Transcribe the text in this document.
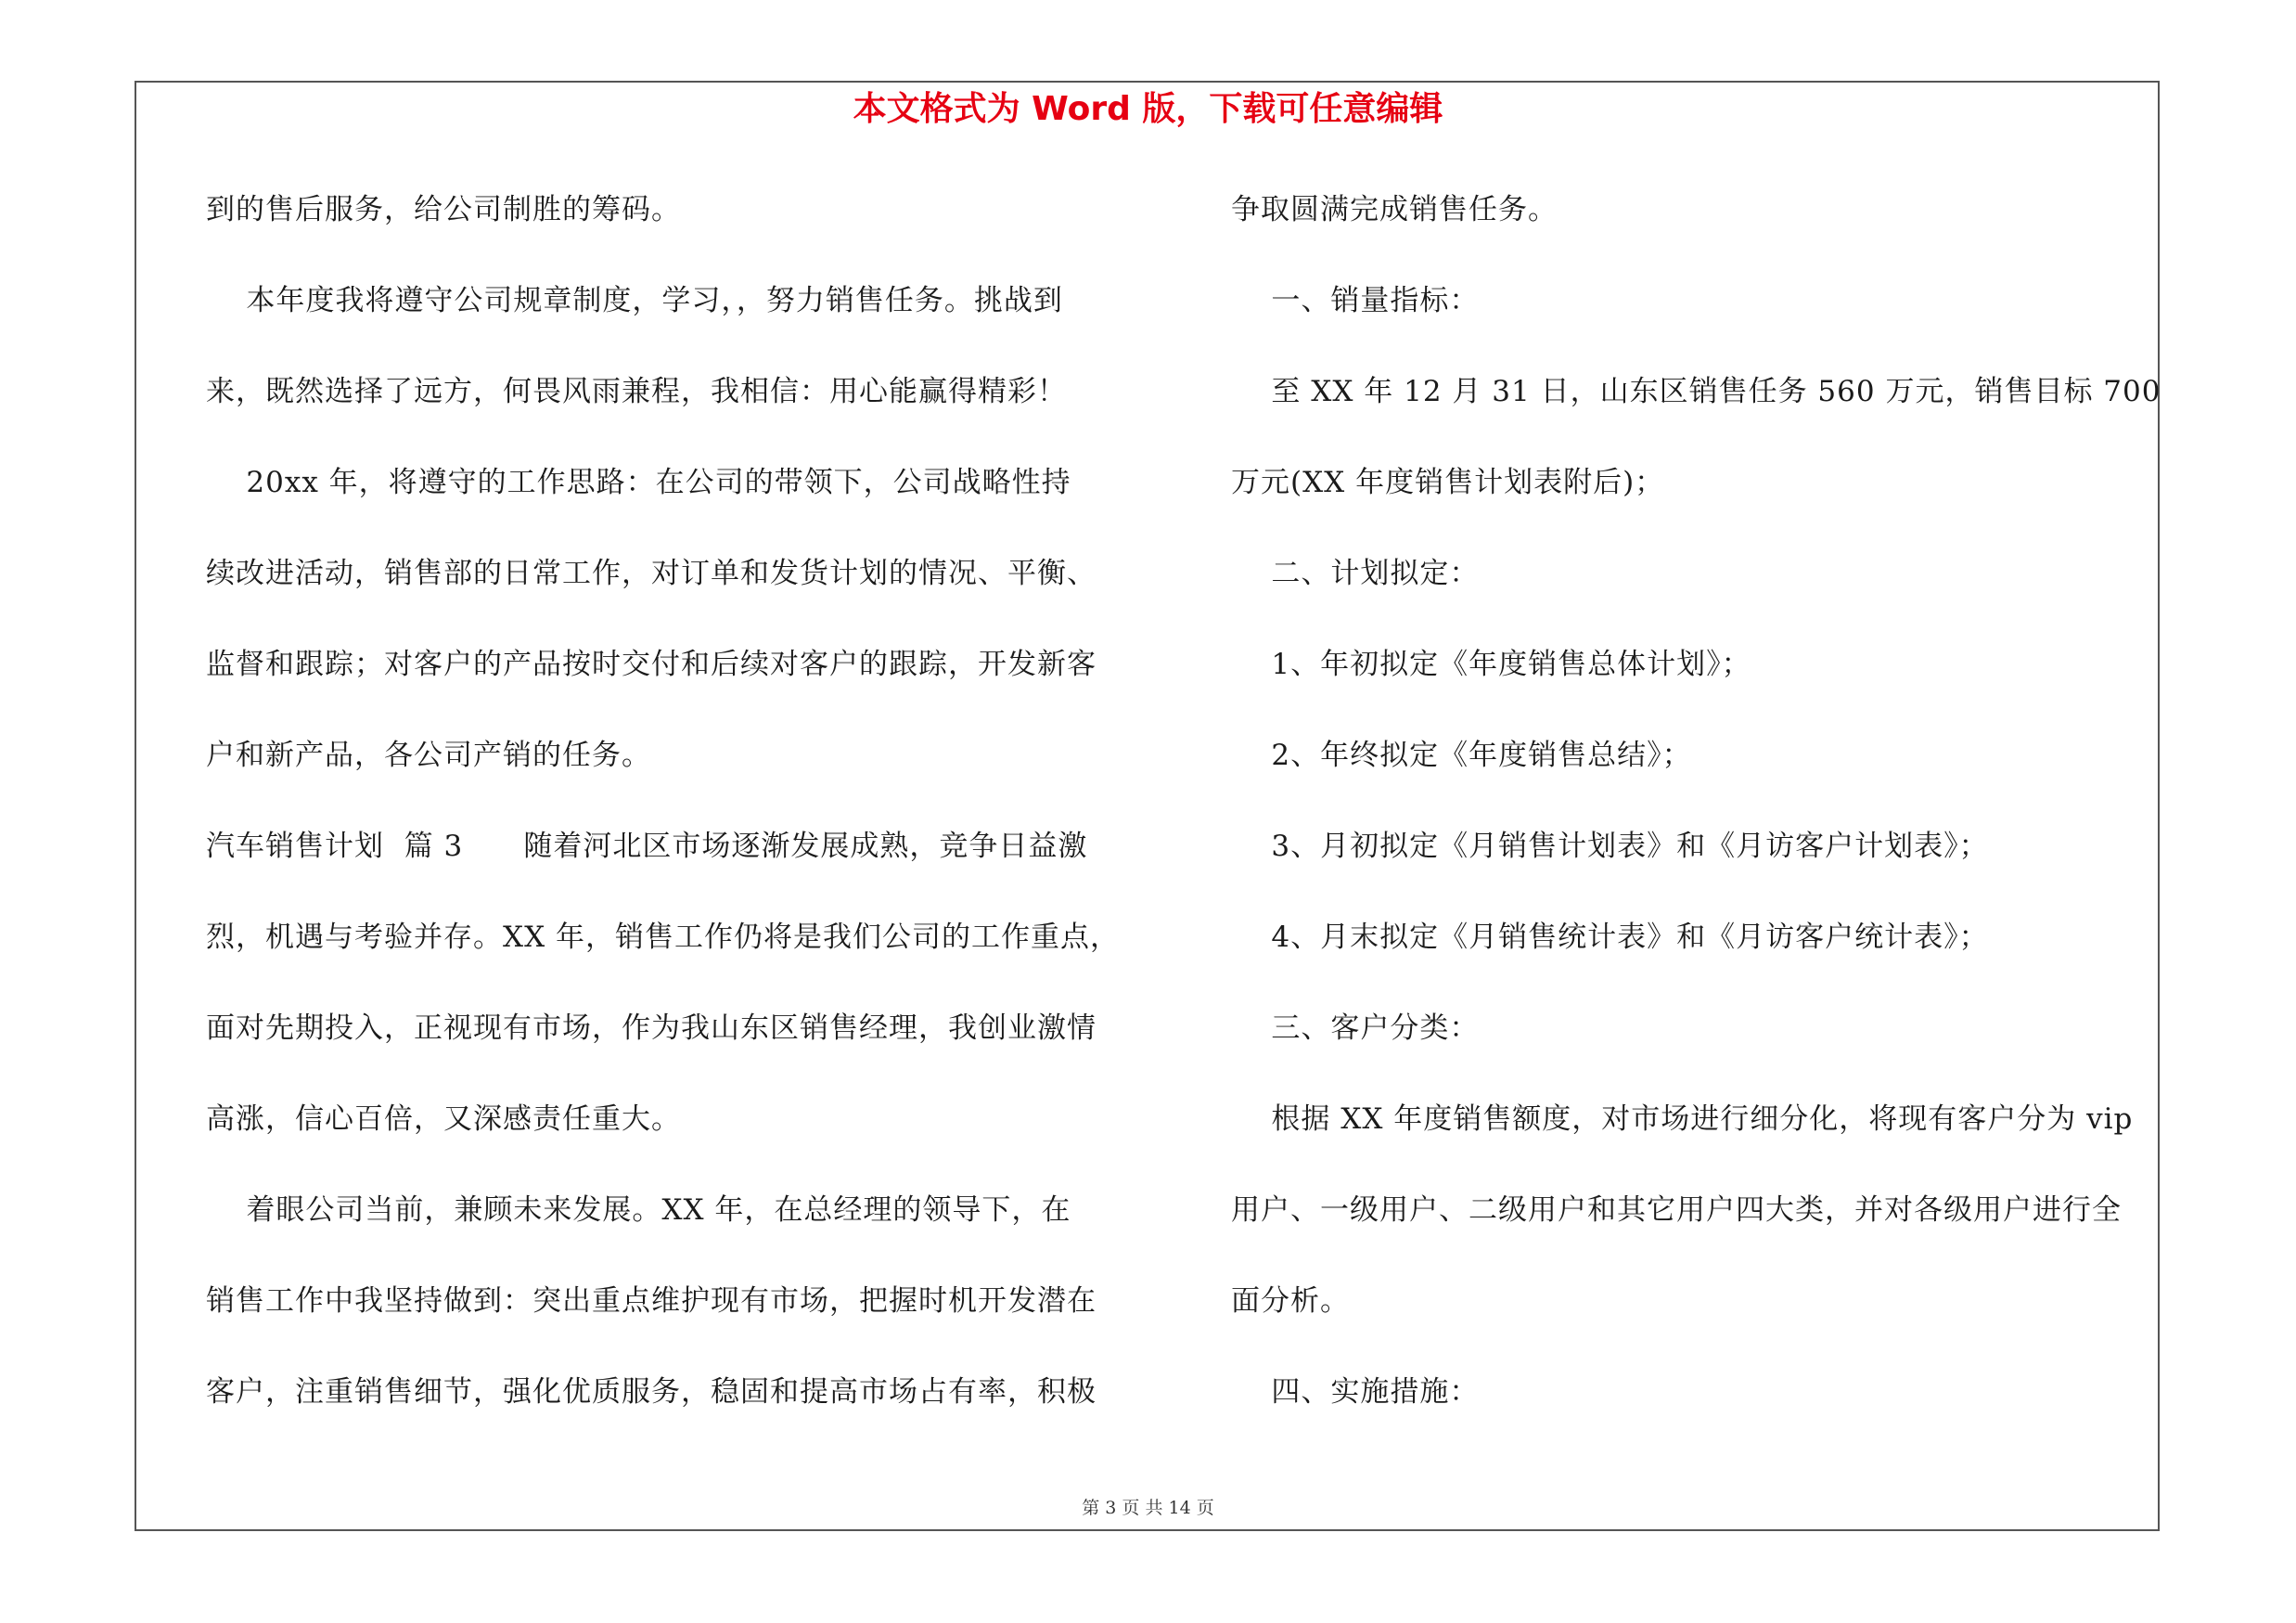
本文格式为 Word 版，下载可任意编辑
到的售后服务，给公司制胜的筹码。
本年度我将遵守公司规章制度，学习，，努力销售任务。挑战到
来，既然选择了远方，何畏风雨兼程，我相信：用心能赢得精彩！
20xx 年，将遵守的工作思路：在公司的带领下，公司战略性持
续改进活动，销售部的日常工作，对订单和发货计划的情况、平衡、
监督和跟踪；对客户的产品按时交付和后续对客户的跟踪，开发新客
户和新产品，各公司产销的任务。
汽车销售计划  篇 3      随着河北区市场逐渐发展成熟，竞争日益激
烈，机遇与考验并存。XX 年，销售工作仍将是我们公司的工作重点，
面对先期投入，正视现有市场，作为我山东区销售经理，我创业激情
高涨，信心百倍，又深感责任重大。
着眼公司当前，兼顾未来发展。XX 年，在总经理的领导下，在
销售工作中我坚持做到：突出重点维护现有市场，把握时机开发潜在
客户，注重销售细节，强化优质服务，稳固和提高市场占有率，积极
争取圆满完成销售任务。
一、销量指标：
至 XX 年 12 月 31 日，山东区销售任务 560 万元，销售目标 700
万元(XX 年度销售计划表附后)；
二、计划拟定：
1、年初拟定《年度销售总体计划》；
2、年终拟定《年度销售总结》；
3、月初拟定《月销售计划表》和《月访客户计划表》；
4、月末拟定《月销售统计表》和《月访客户统计表》；
三、客户分类：
根据 XX 年度销售额度，对市场进行细分化，将现有客户分为 vip
用户、一级用户、二级用户和其它用户四大类，并对各级用户进行全
面分析。
四、实施措施：
第 3 页 共 14 页
